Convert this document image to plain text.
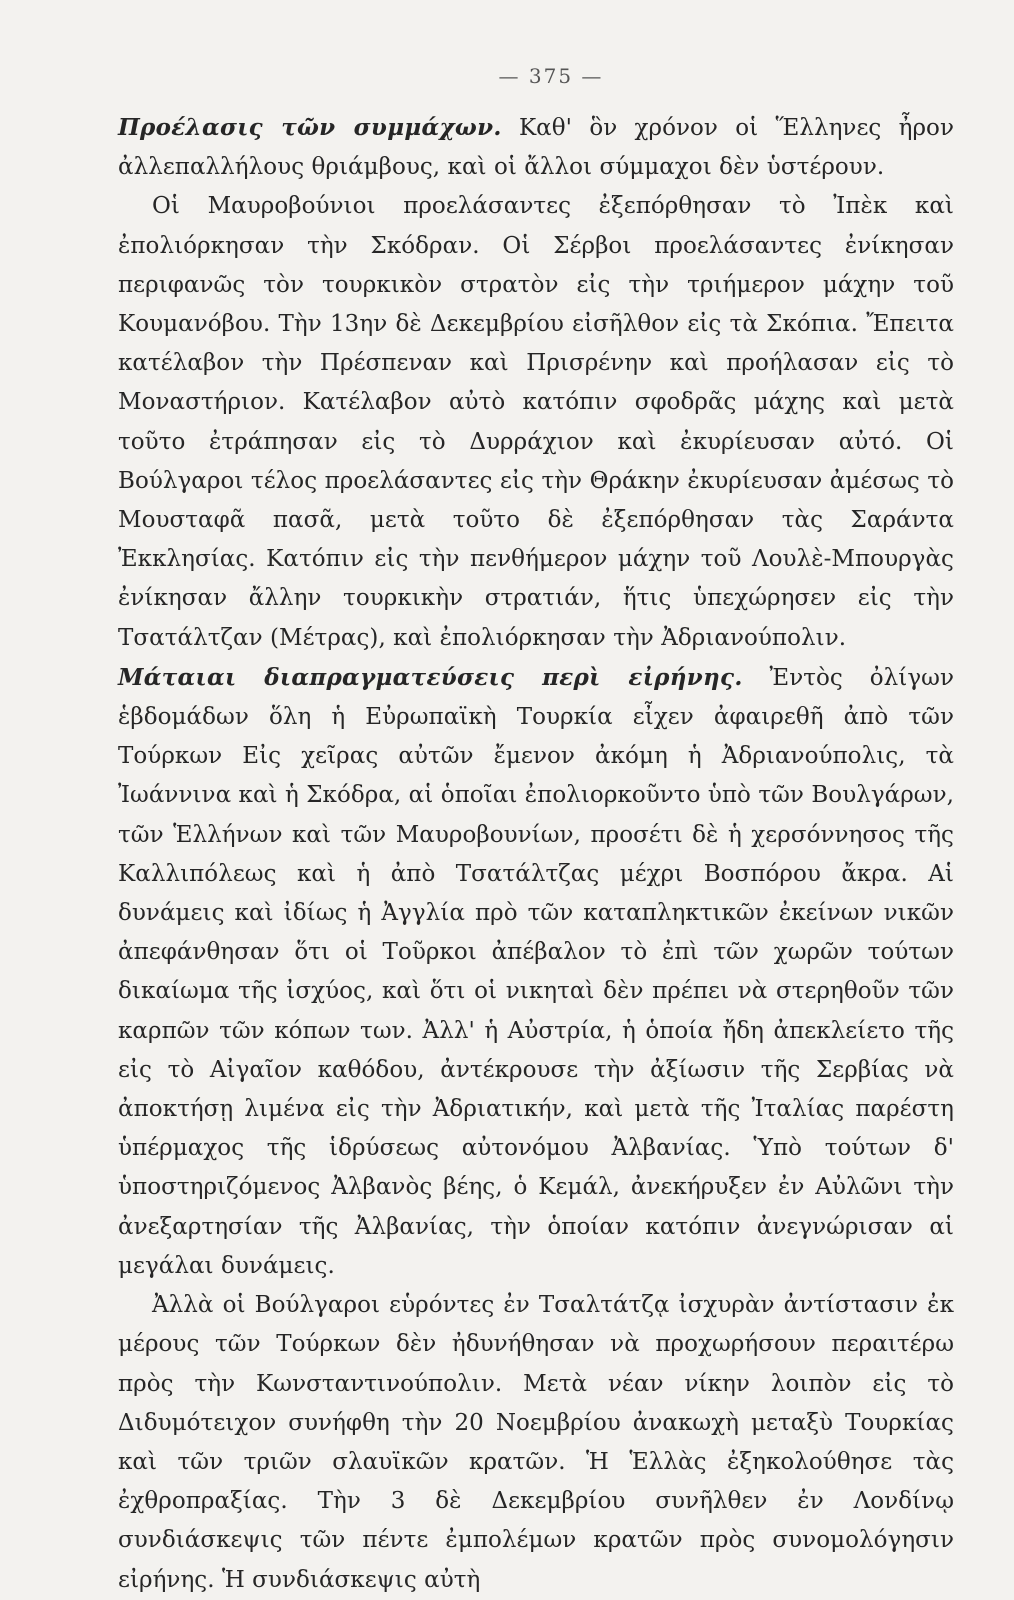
— 375 —

Προέλασις τῶν συμμάχων. Καθ' ὃν χρόνον οἱ Ἕλληνες ἦρον ἀλλεπαλλήλους θριάμβους, καὶ οἱ ἄλλοι σύμμαχοι δὲν ὑστέρουν.

Οἱ Μαυροβούνιοι προελάσαντες ἐξεπόρθησαν τὸ Ἰπὲκ καὶ ἐπολιόρκησαν τὴν Σκόδραν. Οἱ Σέρβοι προελάσαντες ἐνίκησαν περιφανῶς τὸν τουρκικὸν στρατὸν εἰς τὴν τριήμερον μάχην τοῦ Κουμανόβου. Τὴν 13ην δὲ Δεκεμβρίου εἰσῆλθον εἰς τὰ Σκόπια. Ἔπειτα κατέλαβον τὴν Πρέσπεναν καὶ Πρισρένην καὶ προήλασαν εἰς τὸ Μοναστήριον. Κατέλαβον αὐτὸ κατόπιν σφοδρᾶς μάχης καὶ μετὰ τοῦτο ἐτράπησαν εἰς τὸ Δυρράχιον καὶ ἐκυρίευσαν αὐτό. Οἱ Βούλγαροι τέλος προελάσαντες εἰς τὴν Θράκην ἐκυρίευσαν ἀμέσως τὸ Μουσταφᾶ πασᾶ, μετὰ τοῦτο δὲ ἐξεπόρθησαν τὰς Σαράντα Ἐκκλησίας. Κατόπιν εἰς τὴν πενθήμερον μάχην τοῦ Λουλὲ-Μπουργὰς ἐνίκησαν ἄλλην τουρκικὴν στρατιάν, ἥτις ὑπεχώρησεν εἰς τὴν Τσατάλτζαν (Μέτρας), καὶ ἐπολιόρκησαν τὴν Ἀδριανούπολιν.

Μάταιαι διαπραγματεύσεις περὶ εἰρήνης. Ἐντὸς ὀλίγων ἑβδομάδων ὅλη ἡ Εὐρωπαϊκὴ Τουρκία εἶχεν ἀφαιρεθῆ ἀπὸ τῶν Τούρκων Εἰς χεῖρας αὐτῶν ἔμενον ἀκόμη ἡ Ἀδριανούπολις, τὰ Ἰωάννινα καὶ ἡ Σκόδρα, αἱ ὁποῖαι ἐπολιορκοῦντο ὑπὸ τῶν Βουλγάρων, τῶν Ἑλλήνων καὶ τῶν Μαυροβουνίων, προσέτι δὲ ἡ χερσόννησος τῆς Καλλιπόλεως καὶ ἡ ἀπὸ Τσατάλτζας μέχρι Βοσπόρου ἄκρα. Αἱ δυνάμεις καὶ ἰδίως ἡ Ἀγγλία πρὸ τῶν καταπληκτικῶν ἐκείνων νικῶν ἀπεφάνθησαν ὅτι οἱ Τοῦρκοι ἀπέβαλον τὸ ἐπὶ τῶν χωρῶν τούτων δικαίωμα τῆς ἰσχύος, καὶ ὅτι οἱ νικηταὶ δὲν πρέπει νὰ στερηθοῦν τῶν καρπῶν τῶν κόπων των. Ἀλλ' ἡ Αὐστρία, ἡ ὁποία ἤδη ἀπεκλείετο τῆς εἰς τὸ Αἰγαῖον καθόδου, ἀντέκρουσε τὴν ἀξίωσιν τῆς Σερβίας νὰ ἀποκτήσῃ λιμένα εἰς τὴν Ἀδριατικήν, καὶ μετὰ τῆς Ἰταλίας παρέστη ὑπέρμαχος τῆς ἱδρύσεως αὐτονόμου Ἀλβανίας. Ὑπὸ τούτων δ' ὑποστηριζόμενος Ἀλβανὸς βέης, ὁ Κεμάλ, ἀνεκήρυξεν ἐν Αὐλῶνι τὴν ἀνεξαρτησίαν τῆς Ἀλβανίας, τὴν ὁποίαν κατόπιν ἀνεγνώρισαν αἱ μεγάλαι δυνάμεις.

Ἀλλὰ οἱ Βούλγαροι εὑρόντες ἐν Τσαλτάτζᾳ ἰσχυρὰν ἀντίστασιν ἐκ μέρους τῶν Τούρκων δὲν ἠδυνήθησαν νὰ προχωρήσουν περαιτέρω πρὸς τὴν Κωνσταντινούπολιν. Μετὰ νέαν νίκην λοιπὸν εἰς τὸ Διδυμότειχον συνήφθη τὴν 20 Νοεμβρίου ἀνακωχὴ μεταξὺ Τουρκίας καὶ τῶν τριῶν σλαυϊκῶν κρατῶν. Ἡ Ἑλλὰς ἐξηκολούθησε τὰς ἐχθροπραξίας. Τὴν 3 δὲ Δεκεμβρίου συνῆλθεν ἐν Λονδίνῳ συνδιάσκεψις τῶν πέντε ἐμπολέμων κρατῶν πρὸς συνομολόγησιν εἰρήνης. Ἡ συνδιάσκεψις αὐτὴ
